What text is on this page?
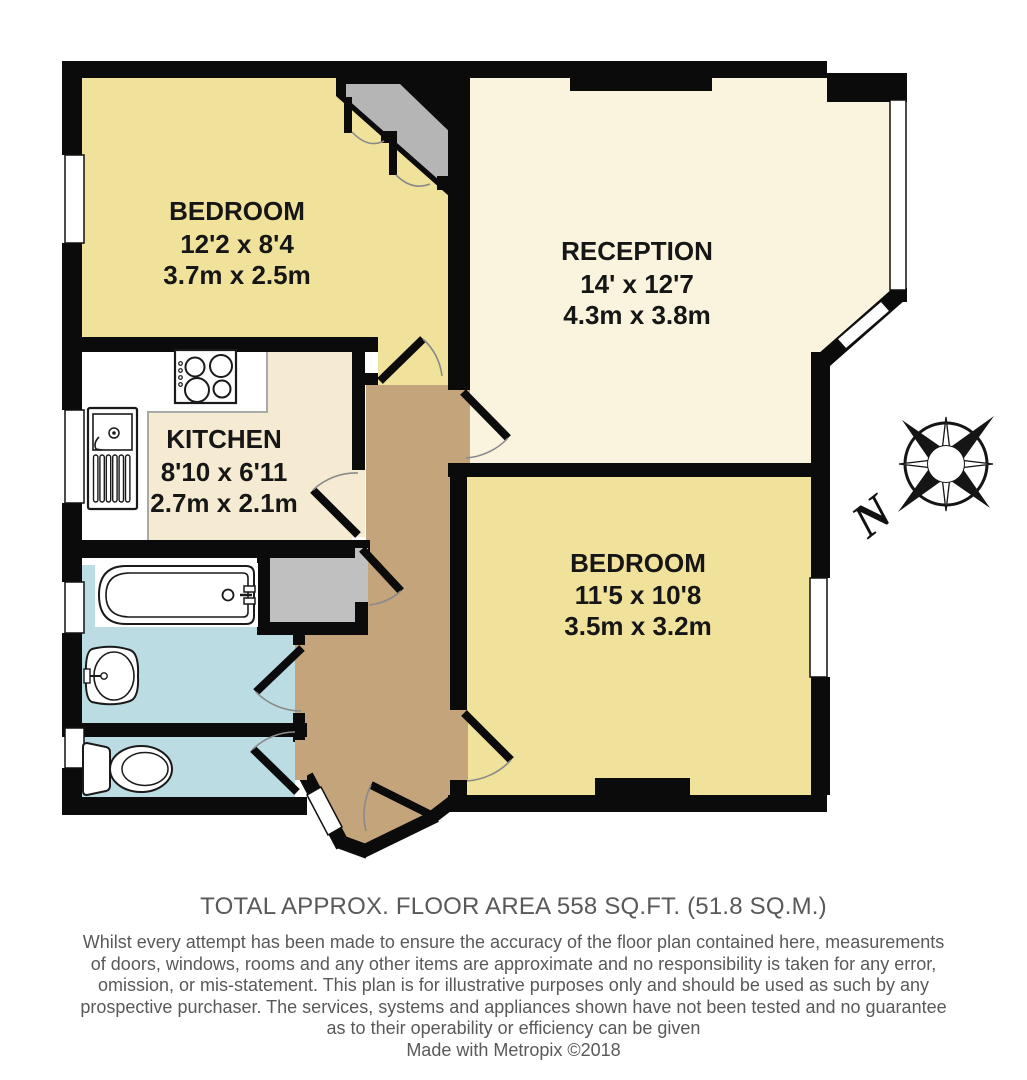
N
BEDROOM
12'2 x 8'4
3.7m x 2.5m
RECEPTION
14' x 12'7
4.3m x 3.8m
KITCHEN
8'10 x 6'11
2.7m x 2.1m
BEDROOM
11'5 x 10'8
3.5m x 3.2m
TOTAL APPROX. FLOOR AREA 558 SQ.FT. (51.8 SQ.M.)
Whilst every attempt has been made to ensure the accuracy of the floor plan contained here, measurements
of doors, windows, rooms and any other items are approximate and no responsibility is taken for any error,
omission, or mis-statement. This plan is for illustrative purposes only and should be used as such by any
prospective purchaser. The services, systems and appliances shown have not been tested and no guarantee
as to their operability or efficiency can be given
Made with Metropix ©2018
